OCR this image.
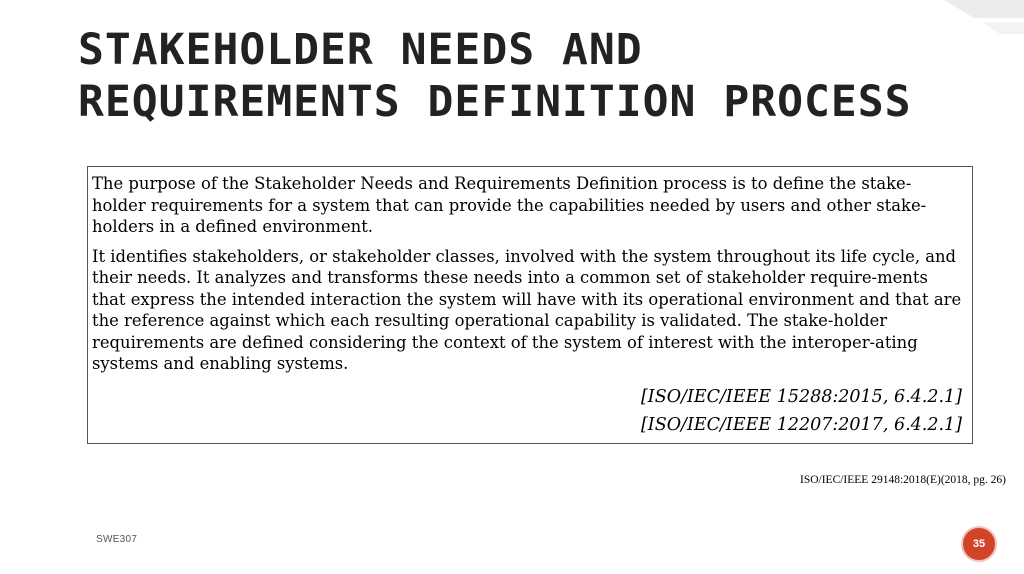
STAKEHOLDER NEEDS AND REQUIREMENTS DEFINITION PROCESS

The purpose of the Stakeholder Needs and Requirements Definition process is to define the stake-holder requirements for a system that can provide the capabilities needed by users and other stake-holders in a defined environment.

It identifies stakeholders, or stakeholder classes, involved with the system throughout its life cycle, and their needs. It analyzes and transforms these needs into a common set of stakeholder require-ments that express the intended interaction the system will have with its operational environment and that are the reference against which each resulting operational capability is validated. The stake-holder requirements are defined considering the context of the system of interest with the interoper-ating systems and enabling systems.

[ISO/IEC/IEEE 15288:2015, 6.4.2.1]
[ISO/IEC/IEEE 12207:2017, 6.4.2.1]
ISO/IEC/IEEE 29148:2018(E)(2018, pg. 26)
SWE307	35
